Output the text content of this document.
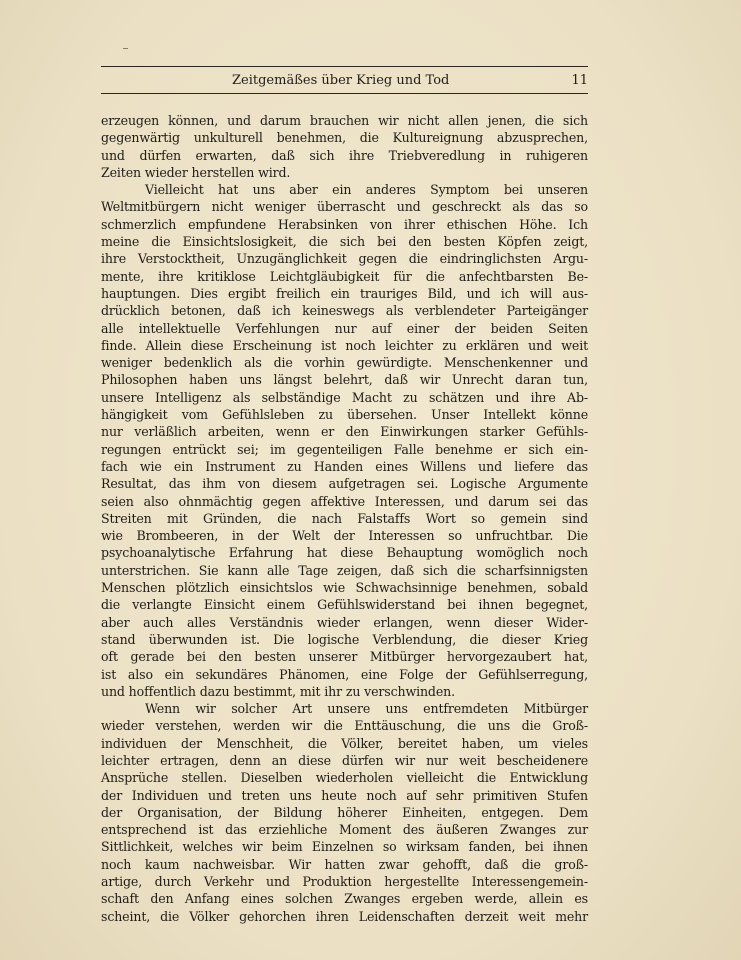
Zeitgemäßes über Krieg und Tod	11
erzeugen können, und darum brauchen wir nicht allen jenen, die sich
gegenwärtig unkulturell benehmen, die Kultureignung abzusprechen,
und dürfen erwarten, daß sich ihre Triebveredlung in ruhigeren
Zeiten wieder herstellen wird.
Vielleicht hat uns aber ein anderes Symptom bei unseren
Weltmitbürgern nicht weniger überrascht und geschreckt als das so
schmerzlich empfundene Herabsinken von ihrer ethischen Höhe. Ich
meine die Einsichtslosigkeit, die sich bei den besten Köpfen zeigt,
ihre Verstocktheit, Unzugänglichkeit gegen die eindringlichsten Argu-
mente, ihre kritiklose Leichtgläubigkeit für die anfechtbarsten Be-
hauptungen. Dies ergibt freilich ein trauriges Bild, und ich will aus-
drücklich betonen, daß ich keineswegs als verblendeter Parteigänger
alle intellektuelle Verfehlungen nur auf einer der beiden Seiten
finde. Allein diese Erscheinung ist noch leichter zu erklären und weit
weniger bedenklich als die vorhin gewürdigte. Menschenkenner und
Philosophen haben uns längst belehrt, daß wir Unrecht daran tun,
unsere Intelligenz als selbständige Macht zu schätzen und ihre Ab-
hängigkeit vom Gefühlsleben zu übersehen. Unser Intellekt könne
nur verläßlich arbeiten, wenn er den Einwirkungen starker Gefühls-
regungen entrückt sei; im gegenteiligen Falle benehme er sich ein-
fach wie ein Instrument zu Handen eines Willens und liefere das
Resultat, das ihm von diesem aufgetragen sei. Logische Argumente
seien also ohnmächtig gegen affektive Interessen, und darum sei das
Streiten mit Gründen, die nach Falstaffs Wort so gemein sind
wie Brombeeren, in der Welt der Interessen so unfruchtbar. Die
psychoanalytische Erfahrung hat diese Behauptung womöglich noch
unterstrichen. Sie kann alle Tage zeigen, daß sich die scharfsinnigsten
Menschen plötzlich einsichtslos wie Schwachsinnige benehmen, sobald
die verlangte Einsicht einem Gefühlswiderstand bei ihnen begegnet,
aber auch alles Verständnis wieder erlangen, wenn dieser Wider-
stand überwunden ist. Die logische Verblendung, die dieser Krieg
oft gerade bei den besten unserer Mitbürger hervorgezaubert hat,
ist also ein sekundäres Phänomen, eine Folge der Gefühlserregung,
und hoffentlich dazu bestimmt, mit ihr zu verschwinden.
Wenn wir solcher Art unsere uns entfremdeten Mitbürger
wieder verstehen, werden wir die Enttäuschung, die uns die Groß-
individuen der Menschheit, die Völker, bereitet haben, um vieles
leichter ertragen, denn an diese dürfen wir nur weit bescheidenere
Ansprüche stellen. Dieselben wiederholen vielleicht die Entwicklung
der Individuen und treten uns heute noch auf sehr primitiven Stufen
der Organisation, der Bildung höherer Einheiten, entgegen. Dem
entsprechend ist das erziehliche Moment des äußeren Zwanges zur
Sittlichkeit, welches wir beim Einzelnen so wirksam fanden, bei ihnen
noch kaum nachweisbar. Wir hatten zwar gehofft, daß die groß-
artige, durch Verkehr und Produktion hergestellte Interessengemein-
schaft den Anfang eines solchen Zwanges ergeben werde, allein es
scheint, die Völker gehorchen ihren Leidenschaften derzeit weit mehr
